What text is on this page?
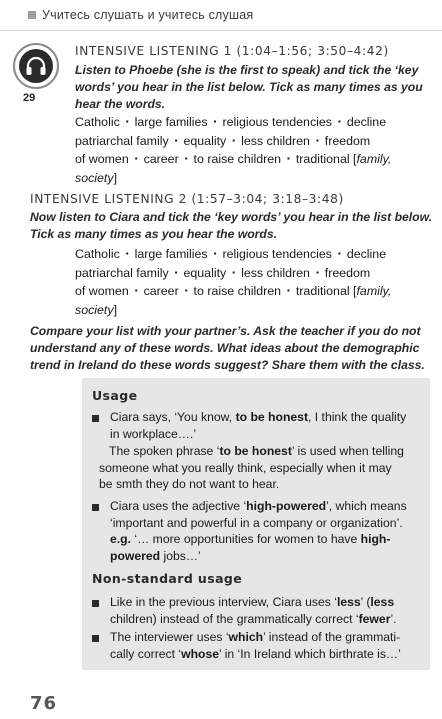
Учитесь слушать и учитесь слушая
29
INTENSIVE LISTENING 1 (1:04–1:56; 3:50–4:42)
Listen to Phoebe (she is the first to speak) and tick the ‘key
words’ you hear in the list below. Tick as many times as you
hear the words.
Catholic ▪ large families ▪ religious tendencies ▪ decline
patriarchal family ▪ equality ▪ less children ▪ freedom
of women ▪ career ▪ to raise children ▪ traditional [family,
society]
INTENSIVE LISTENING 2 (1:57–3:04; 3:18–3:48)
Now listen to Ciara and tick the ‘key words’ you hear in the list below.
Tick as many times as you hear the words.
Catholic ▪ large families ▪ religious tendencies ▪ decline
patriarchal family ▪ equality ▪ less children ▪ freedom
of women ▪ career ▪ to raise children ▪ traditional [family,
society]
Compare your list with your partner’s. Ask the teacher if you do not
understand any of these words. What ideas about the demographic
trend in Ireland do these words suggest? Share them with the class.
Usage
Ciara says, ‘You know, to be honest, I think the quality
in workplace….’
The spoken phrase ‘to be honest’ is used when telling
someone what you really think, especially when it may
be smth they do not want to hear.
Ciara uses the adjective ‘high-powered’, which means
‘important and powerful in a company or organization’.
e.g. ‘… more opportunities for women to have high-
powered jobs…’
Non-standard usage
Like in the previous interview, Ciara uses ‘less’ (less
children) instead of the grammatically correct ‘fewer’.
The interviewer uses ‘which’ instead of the grammati-
cally correct ‘whose’ in ‘In Ireland which birthrate is…’
76
